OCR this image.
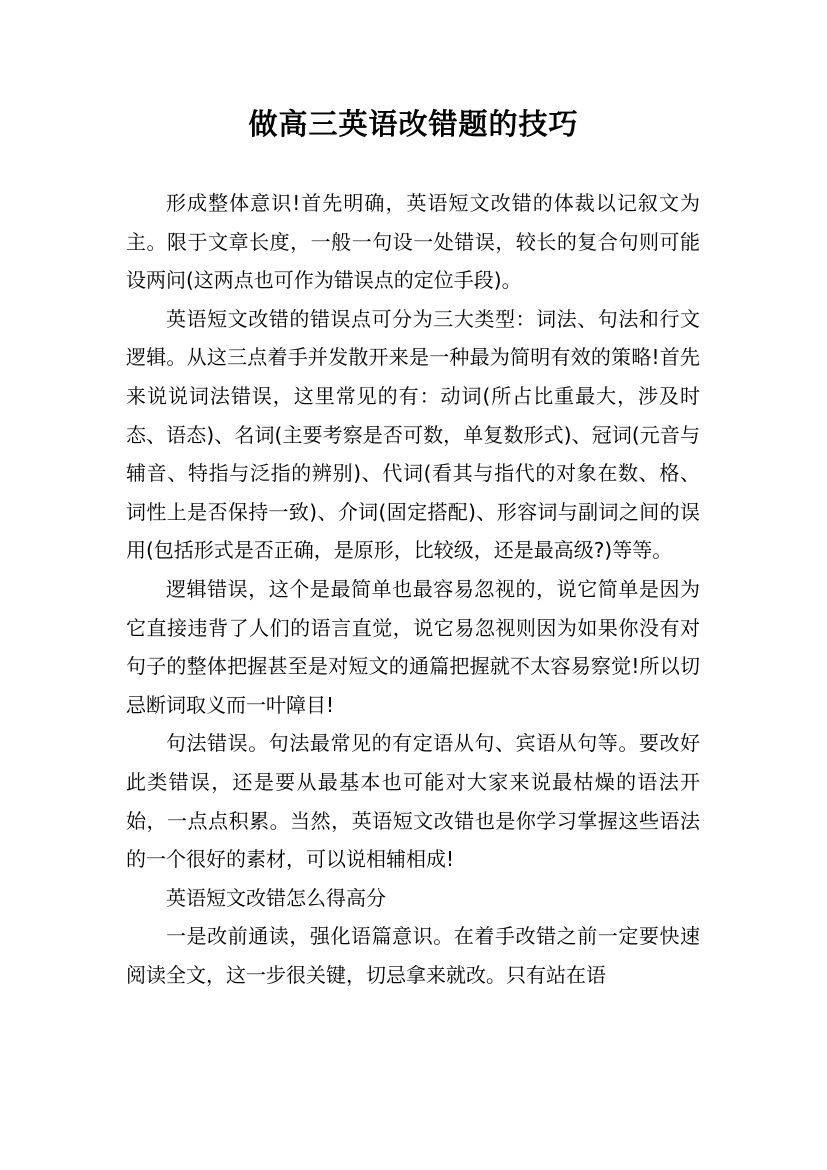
做高三英语改错题的技巧

形成整体意识!首先明确，英语短文改错的体裁以记叙文为主。限于文章长度，一般一句设一处错误，较长的复合句则可能设两问(这两点也可作为错误点的定位手段)。

英语短文改错的错误点可分为三大类型：词法、句法和行文逻辑。从这三点着手并发散开来是一种最为简明有效的策略!首先来说说词法错误，这里常见的有：动词(所占比重最大，涉及时态、语态)、名词(主要考察是否可数，单复数形式)、冠词(元音与辅音、特指与泛指的辨别)、代词(看其与指代的对象在数、格、词性上是否保持一致)、介词(固定搭配)、形容词与副词之间的误用(包括形式是否正确，是原形，比较级，还是最高级?)等等。

逻辑错误，这个是最简单也最容易忽视的，说它简单是因为它直接违背了人们的语言直觉，说它易忽视则因为如果你没有对句子的整体把握甚至是对短文的通篇把握就不太容易察觉!所以切忌断词取义而一叶障目!

句法错误。句法最常见的有定语从句、宾语从句等。要改好此类错误，还是要从最基本也可能对大家来说最枯燥的语法开始，一点点积累。当然，英语短文改错也是你学习掌握这些语法的一个很好的素材，可以说相辅相成!

英语短文改错怎么得高分

一是改前通读，强化语篇意识。在着手改错之前一定要快速阅读全文，这一步很关键，切忌拿来就改。只有站在语
